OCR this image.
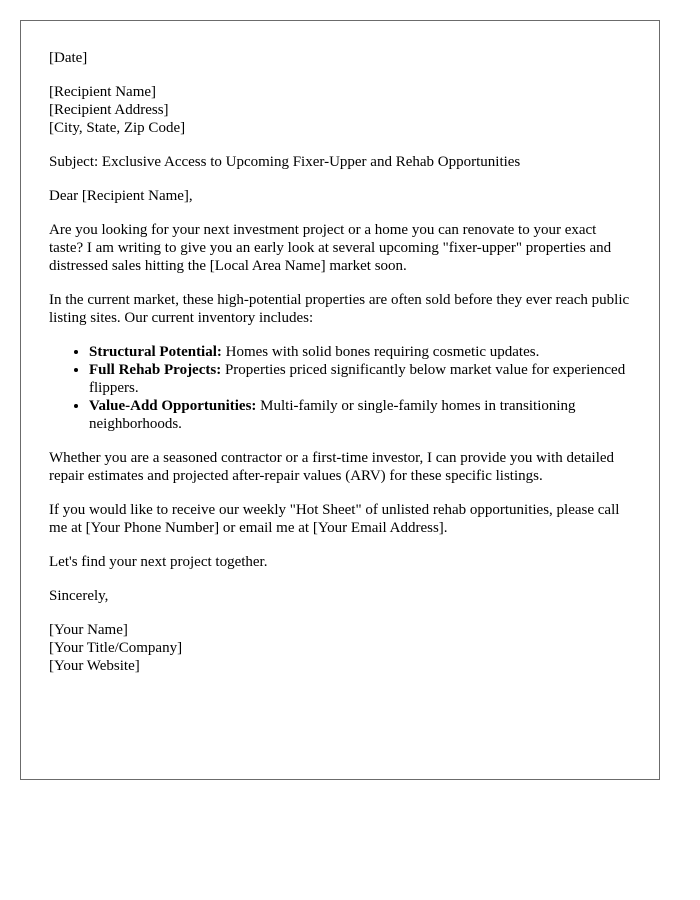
[Date]
[Recipient Name]
[Recipient Address]
[City, State, Zip Code]

Subject: Exclusive Access to Upcoming Fixer-Upper and Rehab Opportunities

Dear [Recipient Name],

Are you looking for your next investment project or a home you can renovate to your exact taste? I am writing to give you an early look at several upcoming "fixer-upper" properties and distressed sales hitting the [Local Area Name] market soon.

In the current market, these high-potential properties are often sold before they ever reach public listing sites. Our current inventory includes:

• Structural Potential: Homes with solid bones requiring cosmetic updates.
• Full Rehab Projects: Properties priced significantly below market value for experienced flippers.
• Value-Add Opportunities: Multi-family or single-family homes in transitioning neighborhoods.

Whether you are a seasoned contractor or a first-time investor, I can provide you with detailed repair estimates and projected after-repair values (ARV) for these specific listings.

If you would like to receive our weekly "Hot Sheet" of unlisted rehab opportunities, please call me at [Your Phone Number] or email me at [Your Email Address].

Let's find your next project together.

Sincerely,

[Your Name]
[Your Title/Company]
[Your Website]
